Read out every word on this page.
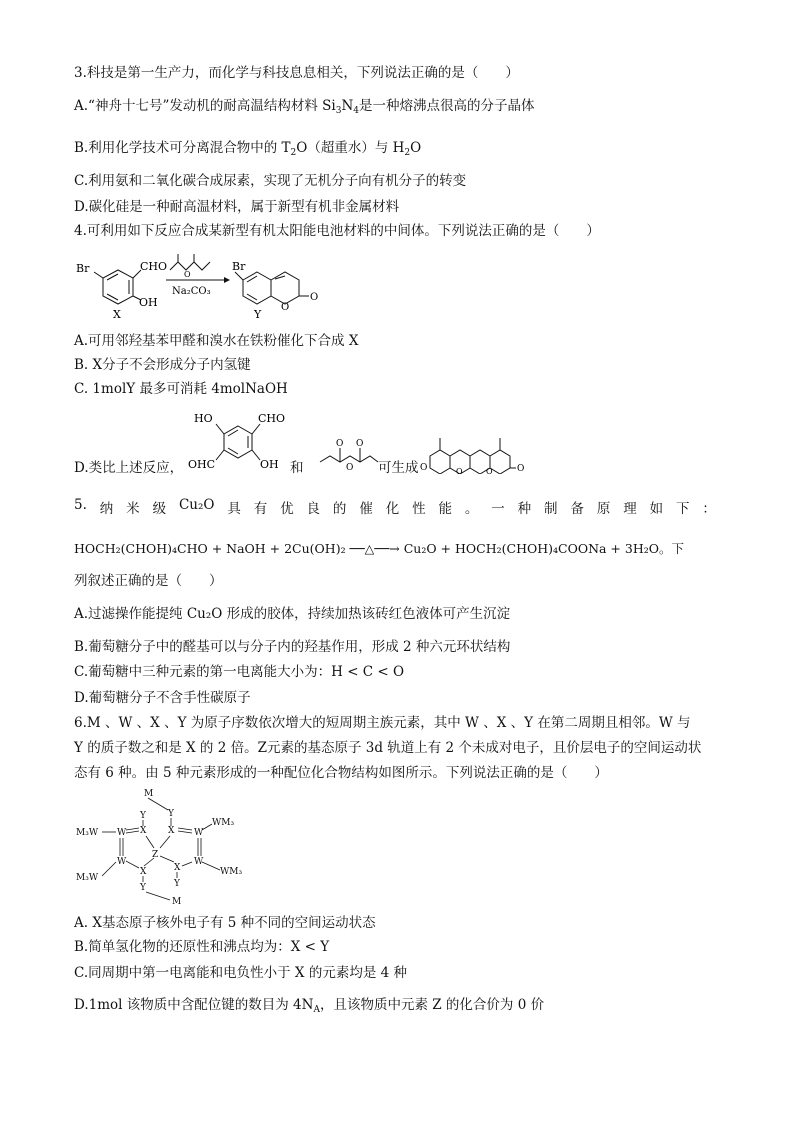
3.科技是第一生产力，而化学与科技息息相关，下列说法正确的是（　　）
A.“神舟十七号”发动机的耐高温结构材料 $Si_3N_4$是一种熔沸点很高的分子晶体
B.利用化学技术可分离混合物中的 $T_2O$（超重水）与 $H_2O$
C.利用氨和二氧化碳合成尿素，实现了无机分子向有机分子的转变
D.碳化硅是一种耐高温材料，属于新型有机非金属材料
4.可利用如下反应合成某新型有机太阳能电池材料的中间体。下列说法正确的是（　　）
Br	CHO
OH
X
O
Na₂CO₃
Br
O
O
Y
A.可用邻羟基苯甲醛和溴水在铁粉催化下合成 X
B. X分子不会形成分子内氢键
C. 1molY 最多可消耗 4molNaOH
D.类比上述反应，
HO	CHO
OHC	OH 和
O O
O 可生成 O	O	O	O
5. 纳 米 级 Cu₂O 具 有 优 良 的 催 化 性 能 。 一 种 制 备 原 理 如 下 ：
HOCH₂(CHOH)₄CHO + NaOH + 2Cu(OH)₂ ──△──→ Cu₂O + HOCH₂(CHOH)₄COONa + 3H₂O。下
列叙述正确的是（　　）
A.过滤操作能提纯 Cu₂O 形成的胶体，持续加热该砖红色液体可产生沉淀
B.葡萄糖分子中的醛基可以与分子内的羟基作用，形成 2 种六元环状结构
C.葡萄糖中三种元素的第一电离能大小为：H < C < O
D.葡萄糖分子不含手性碳原子
6.M 、W 、X 、Y 为原子序数依次增大的短周期主族元素，其中 W 、X 、Y 在第二周期且相邻。W 与
Y 的质子数之和是 X 的 2 倍。Z元素的基态原子 3d 轨道上有 2 个未成对电子，且价层电子的空间运动状
态有 6 种。由 5 种元素形成的一种配位化合物结构如图所示。下列说法正确的是（　　）
M
Y
Y
X X
W	W
M₃W
WM₃
Z
W	W
X	X
M₃W
WM₃
Y	Y
M
A. X基态原子核外电子有 5 种不同的空间运动状态
B.简单氢化物的还原性和沸点均为：X < Y
C.同周期中第一电离能和电负性小于 X 的元素均是 4 种
D.1mol 该物质中含配位键的数目为 $4N_A$，且该物质中元素 Z 的化合价为 0 价
